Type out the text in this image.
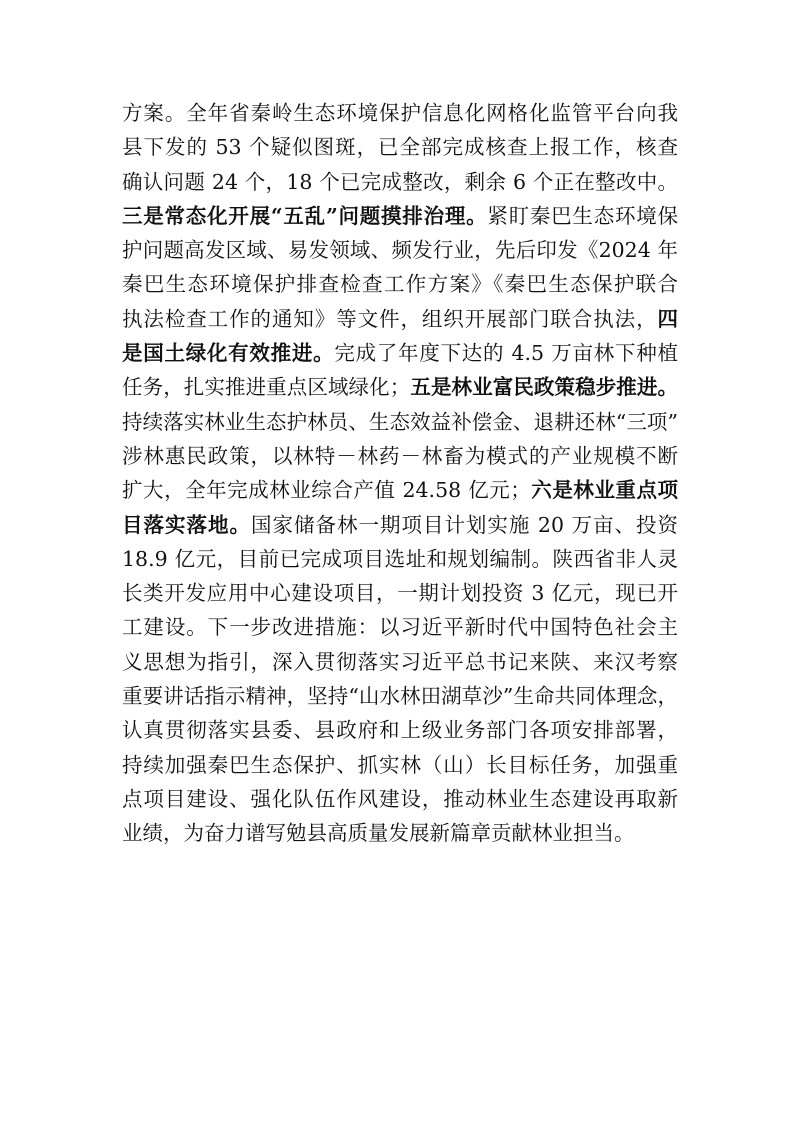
方案。全年省秦岭生态环境保护信息化网格化监管平台向我
县下发的 53 个疑似图斑，已全部完成核查上报工作，核查
确认问题 24 个，18 个已完成整改，剩余 6 个正在整改中。
三是常态化开展“五乱”问题摸排治理。紧盯秦巴生态环境保
护问题高发区域、易发领域、频发行业，先后印发《2024 年
秦巴生态环境保护排查检查工作方案》《秦巴生态保护联合
执法检查工作的通知》等文件，组织开展部门联合执法，四
是国土绿化有效推进。完成了年度下达的 4.5 万亩林下种植
任务，扎实推进重点区域绿化；五是林业富民政策稳步推进。
持续落实林业生态护林员、生态效益补偿金、退耕还林“三项”
涉林惠民政策，以林特－林药－林畜为模式的产业规模不断
扩大，全年完成林业综合产值 24.58 亿元；六是林业重点项
目落实落地。国家储备林一期项目计划实施 20 万亩、投资
18.9 亿元，目前已完成项目选址和规划编制。陕西省非人灵
长类开发应用中心建设项目，一期计划投资 3 亿元，现已开
工建设。下一步改进措施：以习近平新时代中国特色社会主
义思想为指引，深入贯彻落实习近平总书记来陕、来汉考察
重要讲话指示精神，坚持“山水林田湖草沙”生命共同体理念，
认真贯彻落实县委、县政府和上级业务部门各项安排部署，
持续加强秦巴生态保护、抓实林（山）长目标任务，加强重
点项目建设、强化队伍作风建设，推动林业生态建设再取新
业绩，为奋力谱写勉县高质量发展新篇章贡献林业担当。
